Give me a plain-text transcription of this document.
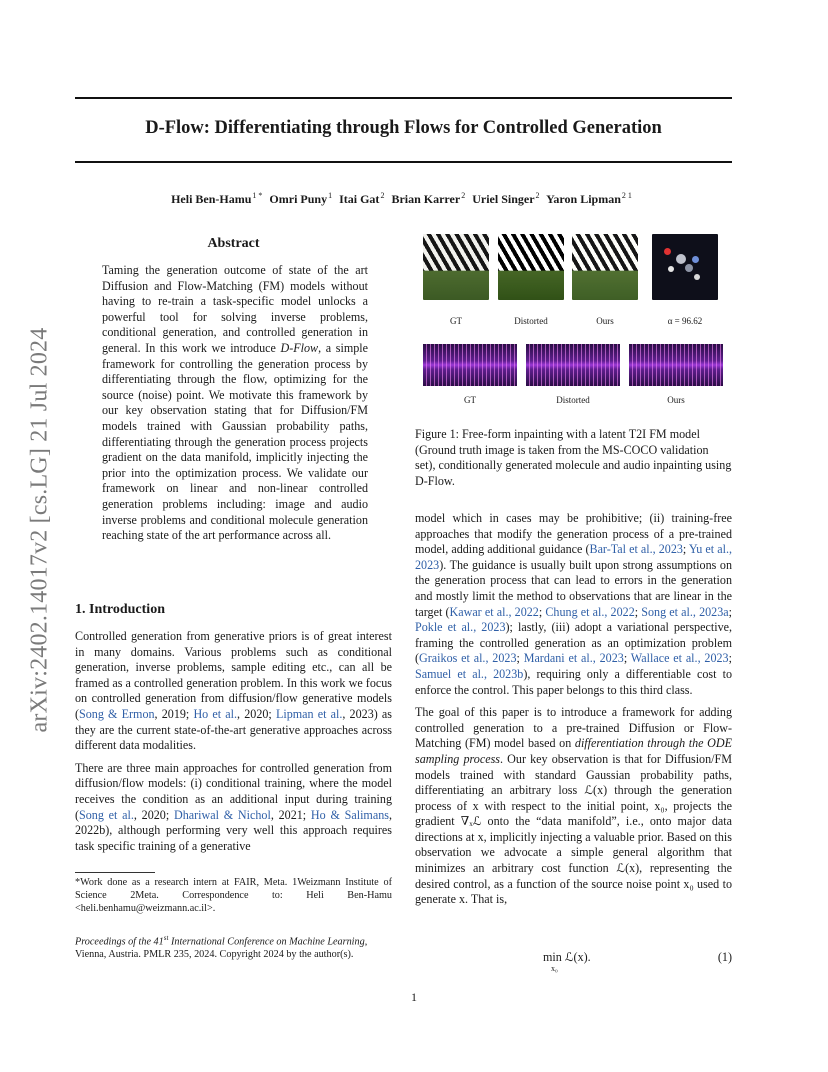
D-Flow: Differentiating through Flows for Controlled Generation
Heli Ben-Hamu$^{1 *}$ Omri Puny$^1$ Itai Gat$^2$ Brian Karrer$^2$ Uriel Singer$^2$ Yaron Lipman$^{2 1}$
arXiv:2402.14017v2 [cs.LG] 21 Jul 2024
Abstract

Taming the generation outcome of state of the art Diffusion and Flow-Matching (FM) models without having to re-train a task-specific model unlocks a powerful tool for solving inverse problems, conditional generation, and controlled generation in general. In this work we introduce D-Flow, a simple framework for controlling the generation process by differentiating through the flow, optimizing for the source (noise) point. We motivate this framework by our key observation stating that for Diffusion/FM models trained with Gaussian probability paths, differentiating through the generation process projects gradient on the data manifold, implicitly injecting the prior into the optimization process. We validate our framework on linear and non-linear controlled generation problems including: image and audio inverse problems and conditional molecule generation reaching state of the art performance across all.

1. Introduction

Controlled generation from generative priors is of great interest in many domains. Various problems such as conditional generation, inverse problems, sample editing etc., can all be framed as a controlled generation problem. In this work we focus on controlled generation from diffusion/flow generative models (Song & Ermon, 2019; Ho et al., 2020; Lipman et al., 2023) as they are the current state-of-the-art generative approaches across different data modalities.

There are three main approaches for controlled generation from diffusion/flow models: (i) conditional training, where the model receives the condition as an additional input during training (Song et al., 2020; Dhariwal & Nichol, 2021; Ho & Salimans, 2022b), although performing very well this approach requires task specific training of a generative

*Work done as a research intern at FAIR, Meta. 1Weizmann Institute of Science 2Meta. Correspondence to: Heli Ben-Hamu <heli.benhamu@weizmann.ac.il>.
Proceedings of the 41st International Conference on Machine Learning, Vienna, Austria. PMLR 235, 2024. Copyright 2024 by the author(s).
GT	Distorted	Ours	α = 96.62
GT	Distorted	Ours
Figure 1: Free-form inpainting with a latent T2I FM model (Ground truth image is taken from the MS-COCO validation set), conditionally generated molecule and audio inpainting using D-Flow.

model which in cases may be prohibitive; (ii) training-free approaches that modify the generation process of a pre-trained model, adding additional guidance (Bar-Tal et al., 2023; Yu et al., 2023). The guidance is usually built upon strong assumptions on the generation process that can lead to errors in the generation and mostly limit the method to observations that are linear in the target (Kawar et al., 2022; Chung et al., 2022; Song et al., 2023a; Pokle et al., 2023); lastly, (iii) adopt a variational perspective, framing the controlled generation as an optimization problem (Graikos et al., 2023; Mardani et al., 2023; Wallace et al., 2023; Samuel et al., 2023b), requiring only a differentiable cost to enforce the control. This paper belongs to this third class.

The goal of this paper is to introduce a framework for adding controlled generation to a pre-trained Diffusion or Flow-Matching (FM) model based on differentiation through the ODE sampling process. Our key observation is that for Diffusion/FM models trained with standard Gaussian probability paths, differentiating an arbitrary loss ℒ(x) through the generation process of x with respect to the initial point, x₀, projects the gradient ∇ₓℒ onto the “data manifold”, i.e., onto major data directions at x, implicitly injecting a valuable prior. Based on this observation we advocate a simple general algorithm that minimizes an arbitrary cost function ℒ(x), representing the desired control, as a function of the source noise point x₀ used to generate x. That is,

min ℒ(x).
x₀
(1)
1
